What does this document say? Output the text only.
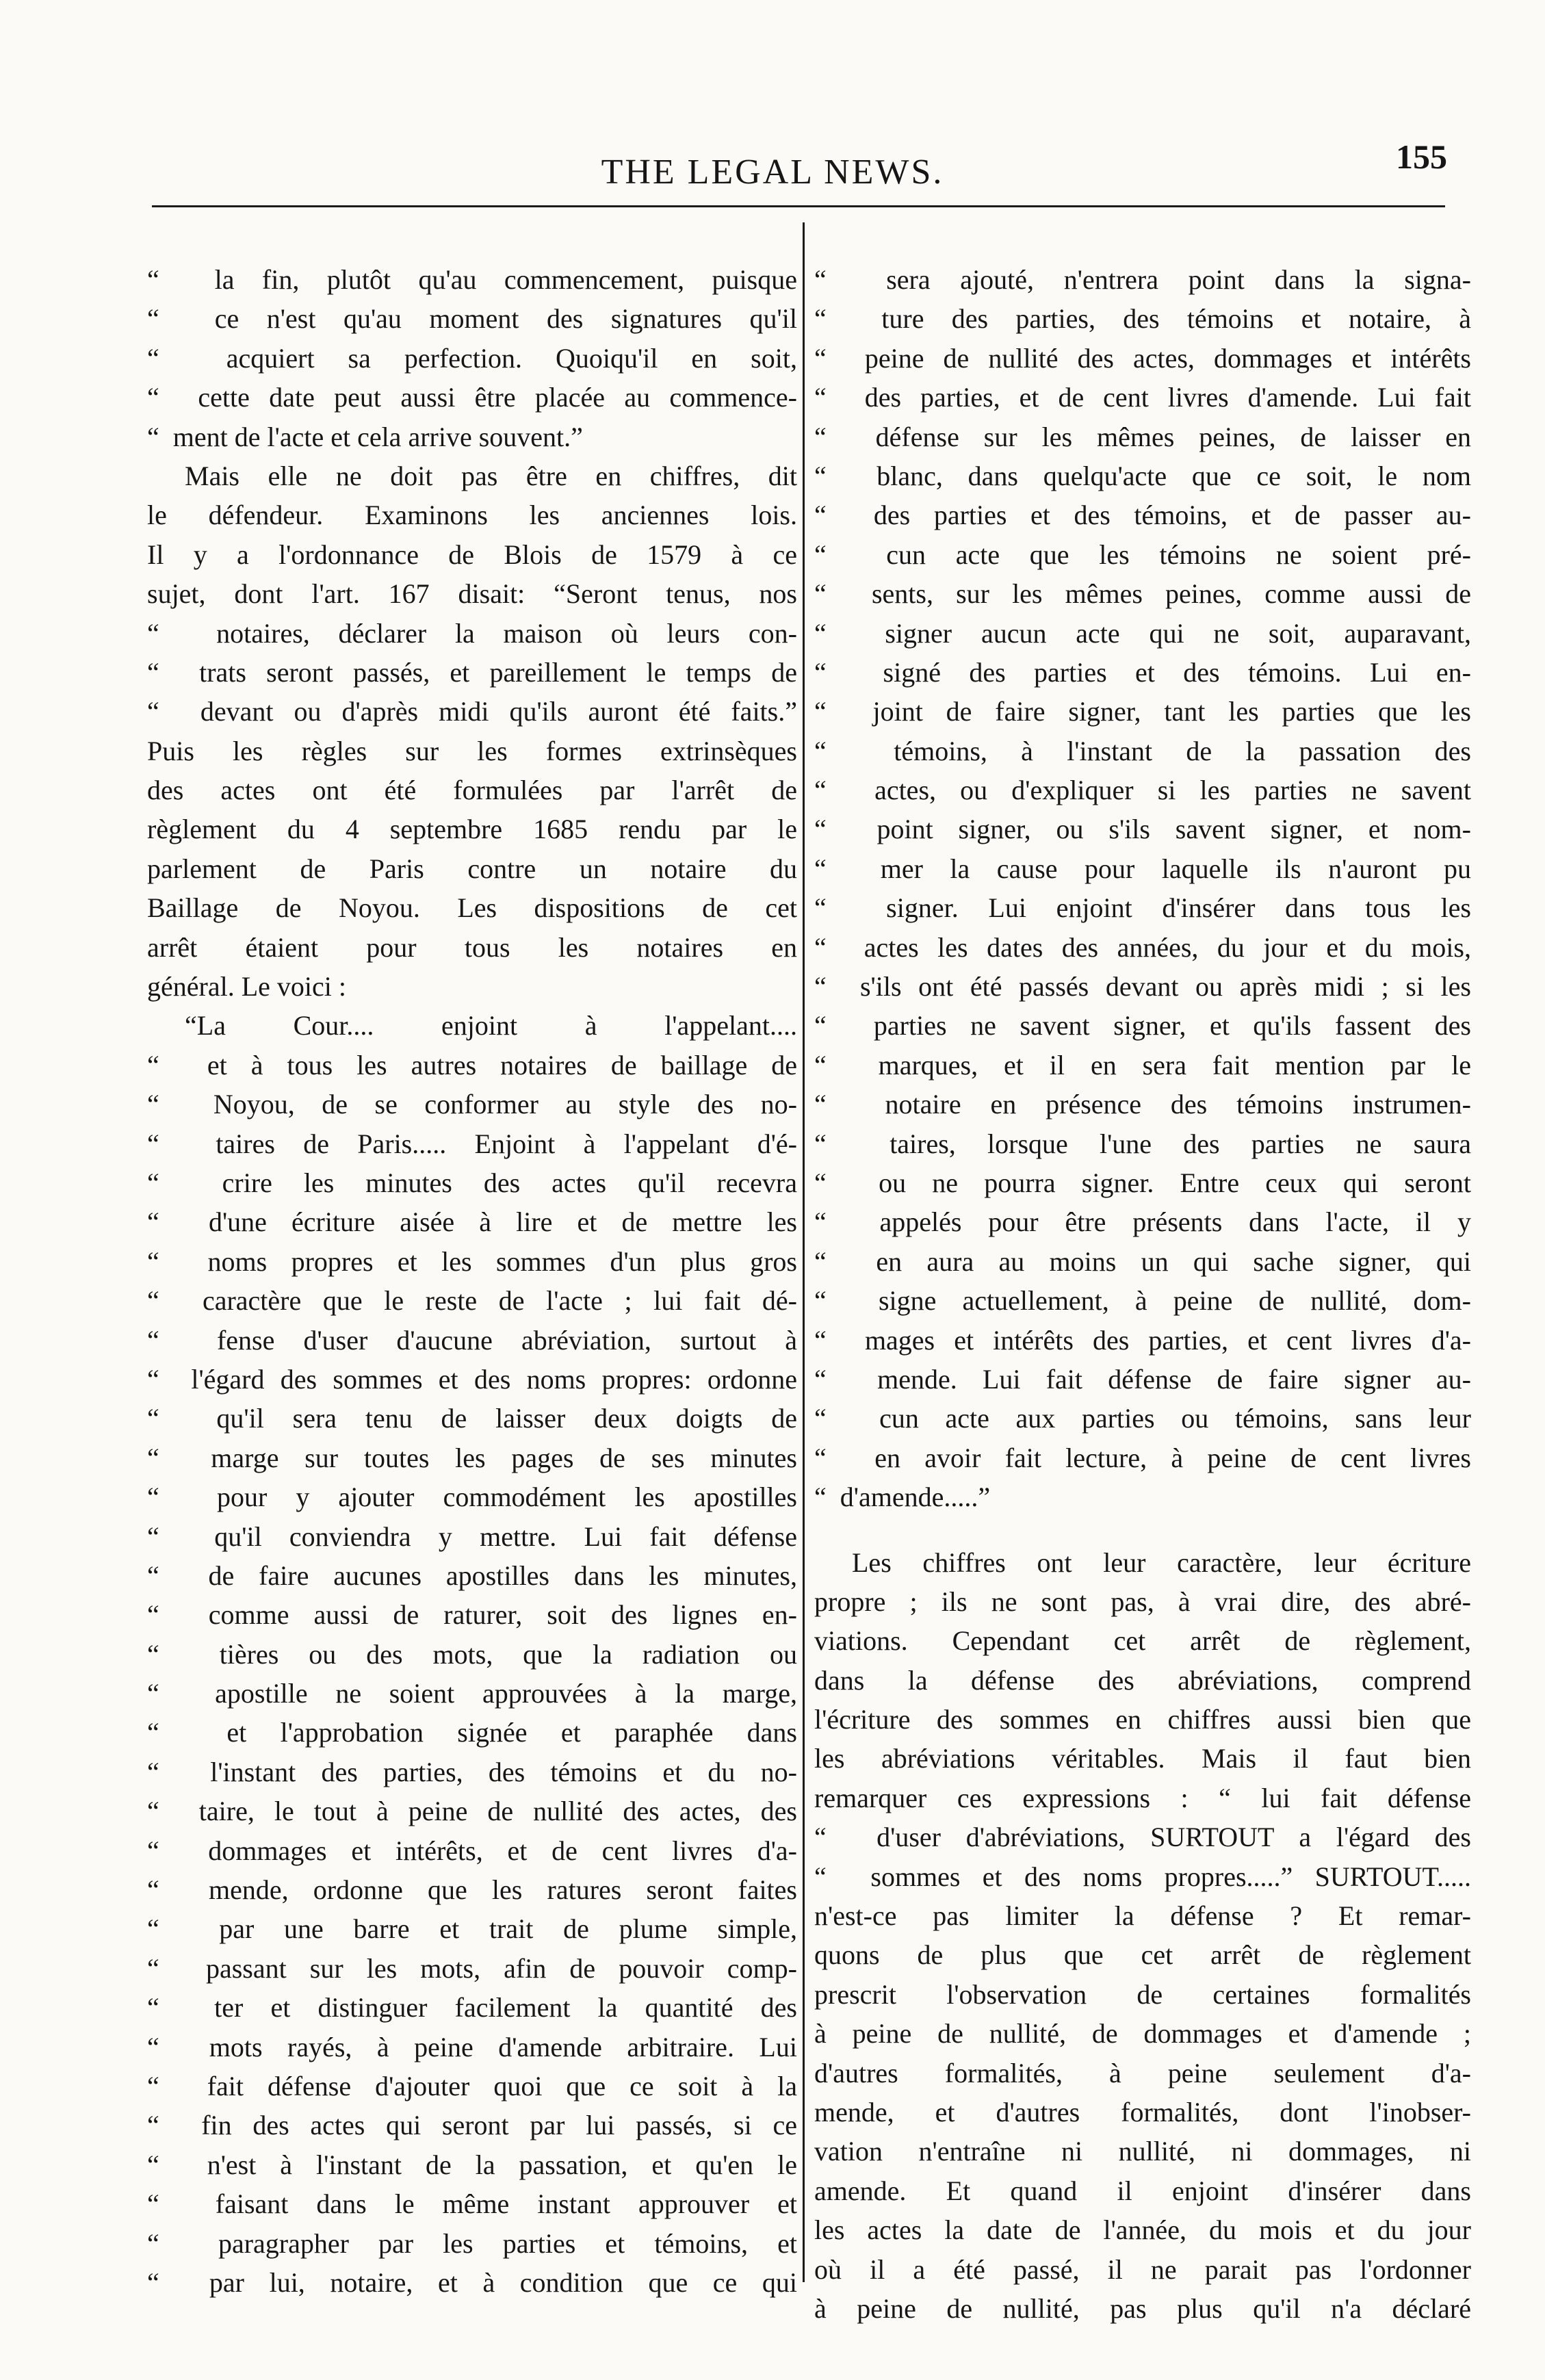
THE LEGAL NEWS.	155
“  la fin, plutôt qu'au commencement, puisque
“  ce n'est qu'au moment des signatures qu'il
“  acquiert sa perfection. Quoiqu'il en soit,
“  cette date peut aussi être placée au commence-
“  ment de l'acte et cela arrive souvent.”
Mais elle ne doit pas être en chiffres, dit
le défendeur. Examinons les anciennes lois.
Il y a l'ordonnance de Blois de 1579 à ce
sujet, dont l'art. 167 disait: “Seront tenus, nos
“  notaires, déclarer la maison où leurs con-
“  trats seront passés, et pareillement le temps de
“  devant ou d'après midi qu'ils auront été faits.”
Puis les règles sur les formes extrinsèques
des actes ont été formulées par l'arrêt de
règlement du 4 septembre 1685 rendu par le
parlement de Paris contre un notaire du
Baillage de Noyou. Les dispositions de cet
arrêt étaient pour tous les notaires en
général. Le voici :
“La Cour.... enjoint à l'appelant....
“  et à tous les autres notaires de baillage de
“  Noyou, de se conformer au style des no-
“  taires de Paris..... Enjoint à l'appelant d'é-
“  crire les minutes des actes qu'il recevra
“  d'une écriture aisée à lire et de mettre les
“  noms propres et les sommes d'un plus gros
“  caractère que le reste de l'acte ; lui fait dé-
“  fense d'user d'aucune abréviation, surtout à
“  l'égard des sommes et des noms propres: ordonne
“  qu'il sera tenu de laisser deux doigts de
“  marge sur toutes les pages de ses minutes
“  pour y ajouter commodément les apostilles
“  qu'il conviendra y mettre. Lui fait défense
“  de faire aucunes apostilles dans les minutes,
“  comme aussi de raturer, soit des lignes en-
“  tières ou des mots, que la radiation ou
“  apostille ne soient approuvées à la marge,
“  et l'approbation signée et paraphée dans
“  l'instant des parties, des témoins et du no-
“  taire, le tout à peine de nullité des actes, des
“  dommages et intérêts, et de cent livres d'a-
“  mende, ordonne que les ratures seront faites
“  par une barre et trait de plume simple,
“  passant sur les mots, afin de pouvoir comp-
“  ter et distinguer facilement la quantité des
“  mots rayés, à peine d'amende arbitraire. Lui
“  fait défense d'ajouter quoi que ce soit à la
“  fin des actes qui seront par lui passés, si ce
“  n'est à l'instant de la passation, et qu'en le
“  faisant dans le même instant approuver et
“  paragrapher par les parties et témoins, et
“  par lui, notaire, et à condition que ce qui
“  sera ajouté, n'entrera point dans la signa-
“  ture des parties, des témoins et notaire, à
“  peine de nullité des actes, dommages et intérêts
“  des parties, et de cent livres d'amende. Lui fait
“  défense sur les mêmes peines, de laisser en
“  blanc, dans quelqu'acte que ce soit, le nom
“  des parties et des témoins, et de passer au-
“  cun acte que les témoins ne soient pré-
“  sents, sur les mêmes peines, comme aussi de
“  signer aucun acte qui ne soit, auparavant,
“  signé des parties et des témoins. Lui en-
“  joint de faire signer, tant les parties que les
“  témoins, à l'instant de la passation des
“  actes, ou d'expliquer si les parties ne savent
“  point signer, ou s'ils savent signer, et nom-
“  mer la cause pour laquelle ils n'auront pu
“  signer. Lui enjoint d'insérer dans tous les
“  actes les dates des années, du jour et du mois,
“  s'ils ont été passés devant ou après midi ; si les
“  parties ne savent signer, et qu'ils fassent des
“  marques, et il en sera fait mention par le
“  notaire en présence des témoins instrumen-
“  taires, lorsque l'une des parties ne saura
“  ou ne pourra signer. Entre ceux qui seront
“  appelés pour être présents dans l'acte, il y
“  en aura au moins un qui sache signer, qui
“  signe actuellement, à peine de nullité, dom-
“  mages et intérêts des parties, et cent livres d'a-
“  mende. Lui fait défense de faire signer au-
“  cun acte aux parties ou témoins, sans leur
“  en avoir fait lecture, à peine de cent livres
“  d'amende.....”
Les chiffres ont leur caractère, leur écriture
propre ; ils ne sont pas, à vrai dire, des abré-
viations. Cependant cet arrêt de règlement,
dans la défense des abréviations, comprend
l'écriture des sommes en chiffres aussi bien que
les abréviations véritables. Mais il faut bien
remarquer ces expressions : “ lui fait défense
“  d'user d'abréviations, SURTOUT a l'égard des
“  sommes et des noms propres.....” SURTOUT.....
n'est-ce pas limiter la défense ? Et remar-
quons de plus que cet arrêt de règlement
prescrit l'observation de certaines formalités
à peine de nullité, de dommages et d'amende ;
d'autres formalités, à peine seulement d'a-
mende, et d'autres formalités, dont l'inobser-
vation n'entraîne ni nullité, ni dommages, ni
amende. Et quand il enjoint d'insérer dans
les actes la date de l'année, du mois et du jour
où il a été passé, il ne parait pas l'ordonner
à peine de nullité, pas plus qu'il n'a déclaré
